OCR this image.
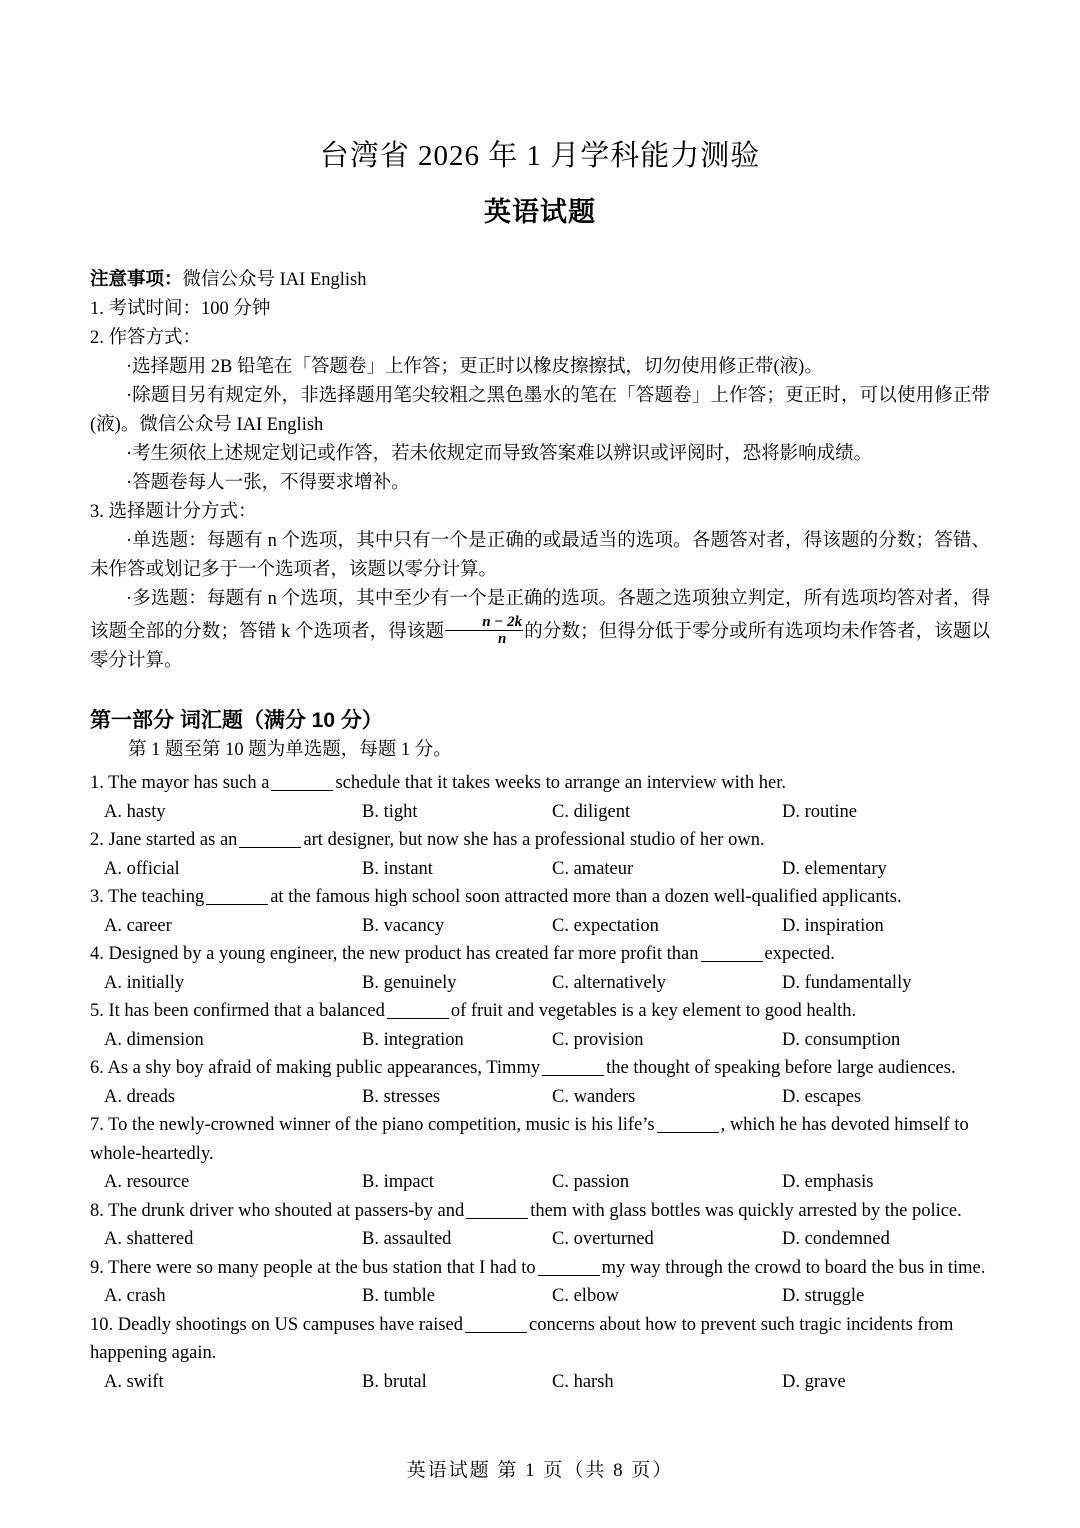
台湾省 2026 年 1 月学科能力测验
英语试题
注意事项：微信公众号 IAI English
1. 考试时间：100 分钟
2. 作答方式：
·选择题用 2B 铅笔在「答题卷」上作答；更正时以橡皮擦擦拭，切勿使用修正带(液)。
·除题目另有规定外，非选择题用笔尖较粗之黑色墨水的笔在「答题卷」上作答；更正时，可以使用修正带(液)。微信公众号 IAI English
·考生须依上述规定划记或作答，若未依规定而导致答案难以辨识或评阅时，恐将影响成绩。
·答题卷每人一张，不得要求增补。
3. 选择题计分方式：
·单选题：每题有 n 个选项，其中只有一个是正确的或最适当的选项。各题答对者，得该题的分数；答错、未作答或划记多于一个选项者，该题以零分计算。
·多选题：每题有 n 个选项，其中至少有一个是正确的选项。各题之选项独立判定，所有选项均答对者，得该题全部的分数；答错 k 个选项者，得该题 $\frac{n - 2k}{n}$ 的分数；但得分低于零分或所有选项均未作答者，该题以零分计算。
第一部分 词汇题（满分 10 分）
第 1 题至第 10 题为单选题，每题 1 分。
1. The mayor has such a	schedule that it takes weeks to arrange an interview with her.
A. hasty	B. tight	C. diligent	D. routine
2. Jane started as an	art designer, but now she has a professional studio of her own.
A. official	B. instant	C. amateur	D. elementary
3. The teaching	at the famous high school soon attracted more than a dozen well-qualified applicants.
A. career	B. vacancy	C. expectation	D. inspiration
4. Designed by a young engineer, the new product has created far more profit than	expected.
A. initially	B. genuinely	C. alternatively	D. fundamentally
5. It has been confirmed that a balanced	of fruit and vegetables is a key element to good health.
A. dimension	B. integration	C. provision	D. consumption
6. As a shy boy afraid of making public appearances, Timmy	the thought of speaking before large audiences.
A. dreads	B. stresses	C. wanders	D. escapes
7. To the newly-crowned winner of the piano competition, music is his life’s	, which he has devoted himself to whole-heartedly.
A. resource	B. impact	C. passion	D. emphasis
8. The drunk driver who shouted at passers-by and	them with glass bottles was quickly arrested by the police.
A. shattered	B. assaulted	C. overturned	D. condemned
9. There were so many people at the bus station that I had to	my way through the crowd to board the bus in time.
A. crash	B. tumble	C. elbow	D. struggle
10. Deadly shootings on US campuses have raised	concerns about how to prevent such tragic incidents from happening again.
A. swift	B. brutal	C. harsh	D. grave
英语试题 第 1 页（共 8 页）
